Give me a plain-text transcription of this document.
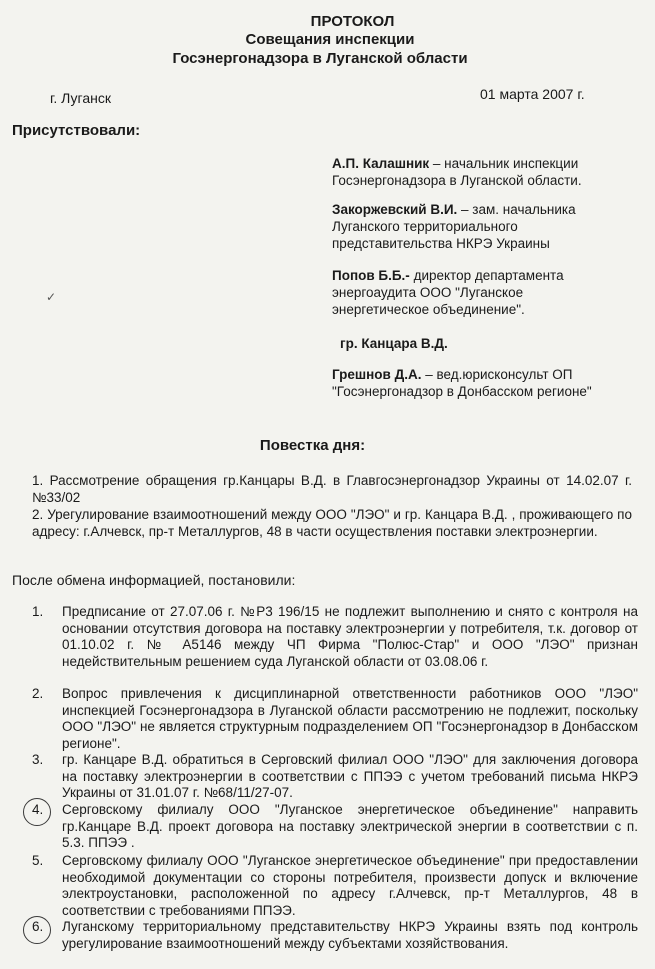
ПРОТОКОЛ
Совещания инспекции
Госэнергонадзора в Луганской области
г. Луганск	01 марта 2007 г.
Присутствовали:
А.П. Калашник – начальник инспекции
Госэнергонадзора в Луганской области.
Закоржевский В.И. – зам. начальника
Луганского территориального
представительства НКРЭ Украины
Попов Б.Б.- директор департамента
энергоаудита ООО "Луганское
энергетическое объединение".
гр. Канцара В.Д.
Грешнов Д.А. – вед.юрисконсульт ОП
"Госэнергонадзор в Донбасском регионе"
✓
Повестка дня:
1. Рассмотрение обращения гр.Канцары В.Д. в Главгосэнергонадзор Украины от 14.02.07 г. №33/02
2. Урегулирование взаимоотношений между ООО "ЛЭО" и гр. Канцара В.Д. , проживающего по адресу: г.Алчевск, пр-т Металлургов, 48 в части осуществления поставки электроэнергии.
После обмена информацией, постановили:
1. Предписание от 27.07.06 г. №Р3 196/15 не подлежит выполнению и снято с контроля на основании отсутствия договора на поставку электроэнергии у потребителя, т.к. договор от 01.10.02 г. № А5146 между ЧП Фирма "Полюс-Стар" и ООО "ЛЭО" признан недействительным решением суда Луганской области от 03.08.06 г.
2. Вопрос привлечения к дисциплинарной ответственности работников ООО "ЛЭО" инспекцией Госэнергонадзора в Луганской области рассмотрению не подлежит, поскольку ООО "ЛЭО" не является структурным подразделением ОП "Госэнергонадзор в Донбасском регионе".
3. гр. Канцаре В.Д. обратиться в Серговский филиал ООО "ЛЭО" для заключения договора на поставку электроэнергии в соответствии с ППЭЭ с учетом требований письма НКРЭ Украины от 31.01.07 г. №68/11/27-07.
4. Серговскому филиалу ООО "Луганское энергетическое объединение" направить гр.Канцаре В.Д. проект договора на поставку электрической энергии в соответствии с п. 5.3. ППЭЭ .
5. Серговскому филиалу ООО "Луганское энергетическое объединение" при предоставлении необходимой документации со стороны потребителя, произвести допуск и включение электроустановки, расположенной по адресу г.Алчевск, пр-т Металлургов, 48 в соответствии с требованиями ППЭЭ.
6. Луганскому территориальному представительству НКРЭ Украины взять под контроль урегулирование взаимоотношений между субъектами хозяйствования.
